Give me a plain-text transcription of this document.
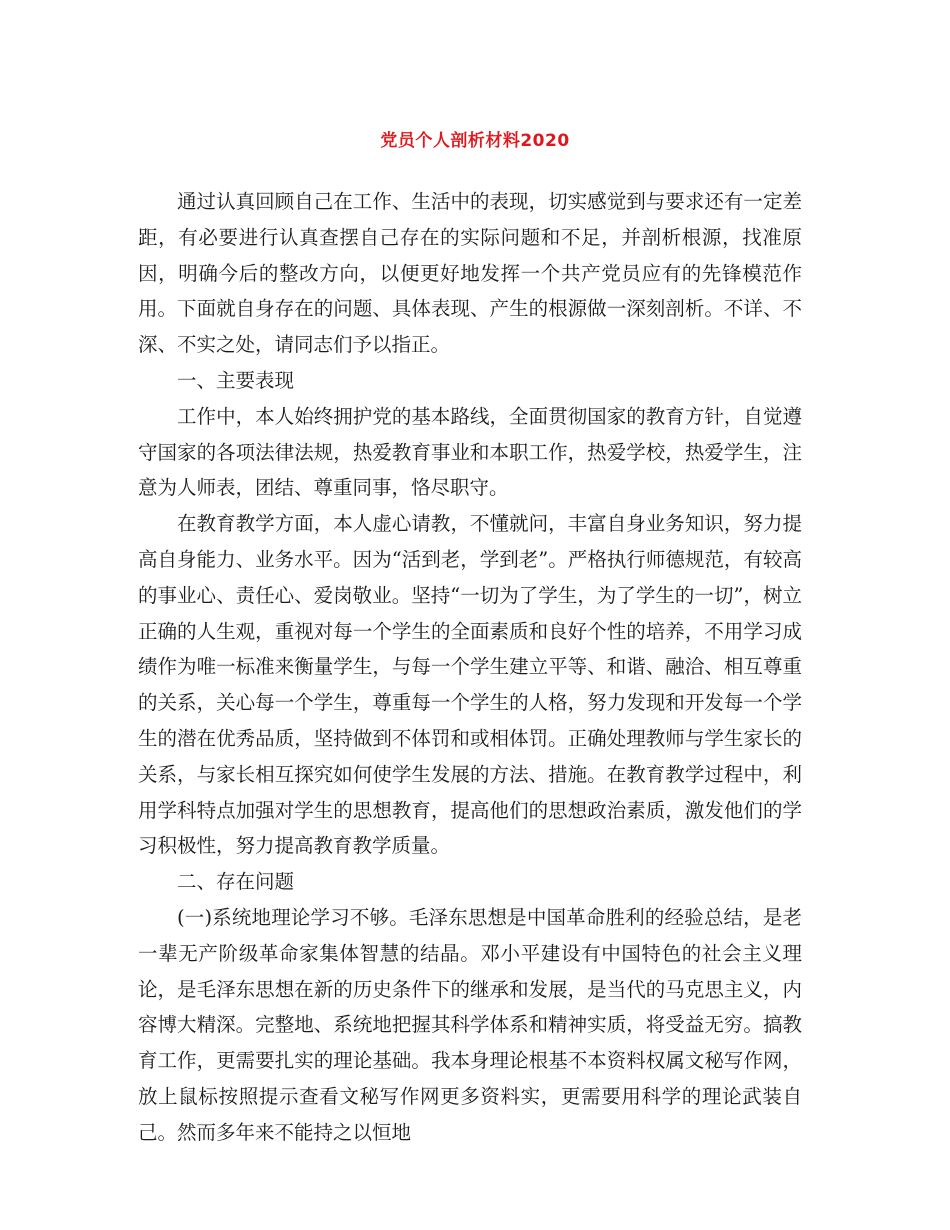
党员个人剖析材料2020

通过认真回顾自己在工作、生活中的表现，切实感觉到与要求还有一定差距，有必要进行认真查摆自己存在的实际问题和不足，并剖析根源，找准原因，明确今后的整改方向，以便更好地发挥一个共产党员应有的先锋模范作用。下面就自身存在的问题、具体表现、产生的根源做一深刻剖析。不详、不深、不实之处，请同志们予以指正。

一、主要表现

工作中，本人始终拥护党的基本路线，全面贯彻国家的教育方针，自觉遵守国家的各项法律法规，热爱教育事业和本职工作，热爱学校，热爱学生，注意为人师表，团结、尊重同事，恪尽职守。

在教育教学方面，本人虚心请教，不懂就问，丰富自身业务知识，努力提高自身能力、业务水平。因为“活到老，学到老”。严格执行师德规范，有较高的事业心、责任心、爱岗敬业。坚持“一切为了学生，为了学生的一切”，树立正确的人生观，重视对每一个学生的全面素质和良好个性的培养，不用学习成绩作为唯一标准来衡量学生，与每一个学生建立平等、和谐、融洽、相互尊重的关系，关心每一个学生，尊重每一个学生的人格，努力发现和开发每一个学生的潜在优秀品质，坚持做到不体罚和或相体罚。正确处理教师与学生家长的关系，与家长相互探究如何使学生发展的方法、措施。在教育教学过程中，利用学科特点加强对学生的思想教育，提高他们的思想政治素质，激发他们的学习积极性，努力提高教育教学质量。

二、存在问题

(一)系统地理论学习不够。毛泽东思想是中国革命胜利的经验总结，是老一辈无产阶级革命家集体智慧的结晶。邓小平建设有中国特色的社会主义理论，是毛泽东思想在新的历史条件下的继承和发展，是当代的马克思主义，内容博大精深。完整地、系统地把握其科学体系和精神实质，将受益无穷。搞教育工作，更需要扎实的理论基础。我本身理论根基不本资料权属文秘写作网，放上鼠标按照提示查看文秘写作网更多资料实，更需要用科学的理论武装自己。然而多年来不能持之以恒地
